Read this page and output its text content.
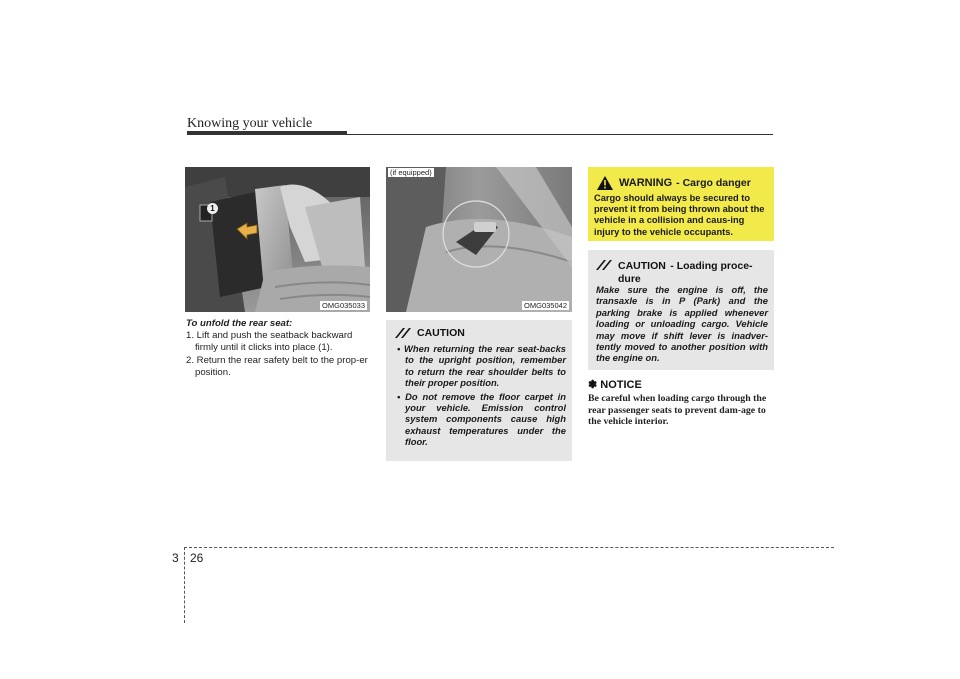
Knowing your vehicle
1
OMG035033
To unfold the rear seat:
1. Lift and push the seatback backward firmly until it clicks into place (1).
2. Return the rear safety belt to the prop-er position.
(if equipped)
OMG035042
CAUTION
• When returning the rear seat-backs to the upright position, remember to return the rear shoulder belts to their proper position.
• Do not remove the floor carpet in your vehicle. Emission control system components cause high exhaust temperatures under the floor.
WARNING - Cargo danger
Cargo should always be secured to prevent it from being thrown about the vehicle in a collision and caus-ing injury to the vehicle occupants.
CAUTION - Loading proce-dure
Make sure the engine is off, the transaxle is in P (Park) and the parking brake is applied whenever loading or unloading cargo. Vehicle may move if shift lever is inadver-tently moved to another position with the engine on.
✽ NOTICE
Be careful when loading cargo through the rear passenger seats to prevent dam-age to the vehicle interior.
3 26
